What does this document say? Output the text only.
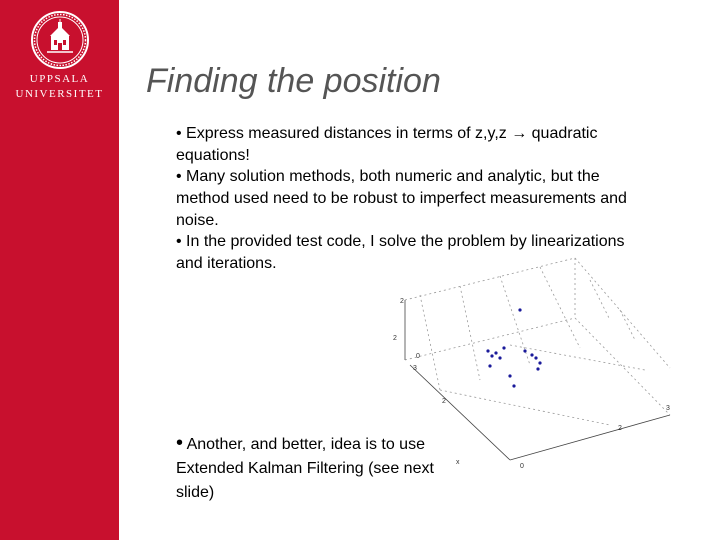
UPPSALA
UNIVERSITET	Finding the position
• Express measured distances in terms of z,y,z → quadratic equations!
• Many solution methods, both numeric and analytic, but the method used need to be robust to imperfect measurements and noise.
• In the provided test code, I solve the problem by linearizations and iterations.
• Another, and better, idea is to use Extended Kalman Filtering (see next slide)
2
2
0
3
2
2
3
0
x
